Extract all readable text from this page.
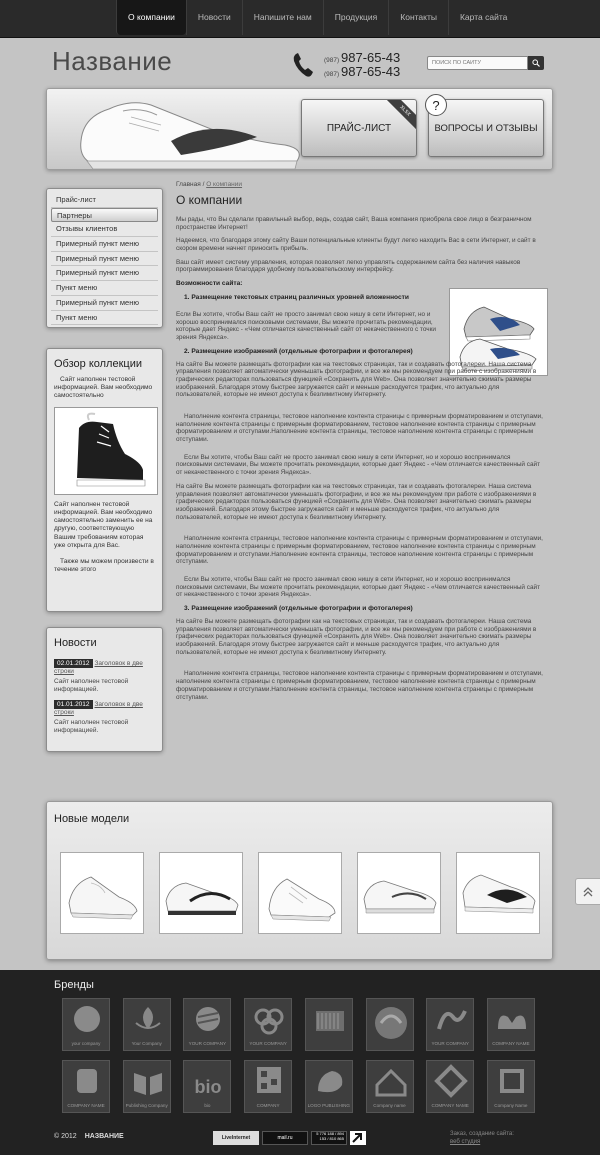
О компании	Новости	Напишите нам	Продукция	Контакты	Карта сайта
Название	(987) 987-65-43
(987) 987-65-43
ПОИСК ПО САЙТУ
ПРАЙС-ЛИСТ
XLSX	?
ВОПРОСЫ И ОТЗЫВЫ
Прайс-лист
Партнеры
Отзывы клиентов
Примерный пункт меню
Примерный пункт меню
Примерный пункт меню
Пункт меню
Примерный пункт меню
Пункт меню
Обзор коллекции
Сайт наполнен тестовой информацией. Вам необходимо самостоятельно
Сайт наполнен тестовой информацией. Вам необходимо самостоятельно заменить ее на другую, соответствующую Вашим требованиям которая уже открыта для Вас.
Также мы можем произвести в течение этого
Новости
02.01.2012 Заголовок в две строки
Сайт наполнен тестовой информацией.
01.01.2012 Заголовок в две строки
Сайт наполнен тестовой информацией.
Главная / О компании
О компании

Мы рады, что Вы сделали правильный выбор, ведь, создав сайт, Ваша компания приобрела свое лицо в безграничном пространстве Интернет!

Надеемся, что благодаря этому сайту Ваши потенциальные клиенты будут легко находить Вас в сети Интернет, и сайт в скором времени начнет приносить прибыль.

Ваш сайт имеет систему управления, которая позволяет легко управлять содержанием сайта без наличия навыков программирования благодаря удобному пользовательскому интерфейсу.

Возможности сайта:
1. Размещение текстовых страниц различных уровней вложенности

Если Вы хотите, чтобы Ваш сайт не просто занимал свою нишу в сети Интернет, но и хорошо воспринимался поисковыми системами, Вы можете прочитать рекомендации, которые дает Яндекс - «Чем отличается качественный сайт от некачественного с точки зрения Яндекса».

2. Размещение изображений (отдельные фотографии и фотогалерея)

На сайте Вы можете размещать фотографии как на текстовых страницах, так и создавать фотогалереи. Наша система управления позволяет автоматически уменьшать фотографии, и все же мы рекомендуем при работе с изображениями в графических редакторах пользоваться функцией «Сохранить для Web». Она позволяет значительно сжимать размеры изображений. Благодаря этому быстрее загружается сайт и меньше расходуется трафик, что актуально для пользователей, которые не имеют доступа к безлимитному Интернету.

Наполнение контента страницы, тестовое наполнение контента страницы с примерным форматированием и отступами, наполнение контента страницы с примерным форматированием, тестовое наполнение контента страницы с примерным форматированием и отступами.Наполнение контента страницы, тестовое наполнение контента страницы с примерным отступами.

Если Вы хотите, чтобы Ваш сайт не просто занимал свою нишу в сети Интернет, но и хорошо воспринимался поисковыми системами, Вы можете прочитать рекомендации, которые дает Яндекс - «Чем отличается качественный сайт от некачественного с точки зрения Яндекса».

На сайте Вы можете размещать фотографии как на текстовых страницах, так и создавать фотогалереи. Наша система управления позволяет автоматически уменьшать фотографии, и все же мы рекомендуем при работе с изображениями в графических редакторах пользоваться функцией «Сохранить для Web». Она позволяет значительно сжимать размеры изображений. Благодаря этому быстрее загружается сайт и меньше расходуется трафик, что актуально для пользователей, которые не имеют доступа к безлимитному Интернету.

Наполнение контента страницы, тестовое наполнение контента страницы с примерным форматированием и отступами, наполнение контента страницы с примерным форматированием, тестовое наполнение контента страницы с примерным форматированием и отступами.Наполнение контента страницы, тестовое наполнение контента страницы с примерным отступами.

Если Вы хотите, чтобы Ваш сайт не просто занимал свою нишу в сети Интернет, но и хорошо воспринимался поисковыми системами, Вы можете прочитать рекомендации, которые дает Яндекс - «Чем отличается качественный сайт от некачественного с точки зрения Яндекса».

3. Размещение изображений (отдельные фотографии и фотогалерея)

На сайте Вы можете размещать фотографии как на текстовых страницах, так и создавать фотогалереи. Наша система управления позволяет автоматически уменьшать фотографии, и все же мы рекомендуем при работе с изображениями в графических редакторах пользоваться функцией «Сохранить для Web». Она позволяет значительно сжимать размеры изображений. Благодаря этому быстрее загружается сайт и меньше расходуется трафик, что актуально для пользователей, которые не имеют доступа к безлимитному Интернету.

Наполнение контента страницы, тестовое наполнение контента страницы с примерным форматированием и отступами, наполнение контента страницы с примерным форматированием, тестовое наполнение контента страницы с примерным форматированием и отступами.Наполнение контента страницы, тестовое наполнение контента страницы с примерным отступами.

Новые модели
Бренды
your company	Your Company	YOUR COMPANY	YOUR COMPANY	YOUR COMPANY	COMPANY NAME
COMPANY NAME	Publishing Company
bio
bio	COMPANY	LOGO PUBLISHING	Company name	COMPANY NAME	Company Name
© 2012 НАЗВАНИЕ	LiveInternet	mail.ru
5 776 188 / 894 153 / 810 865
Заказ, создание сайта:
веб студия
